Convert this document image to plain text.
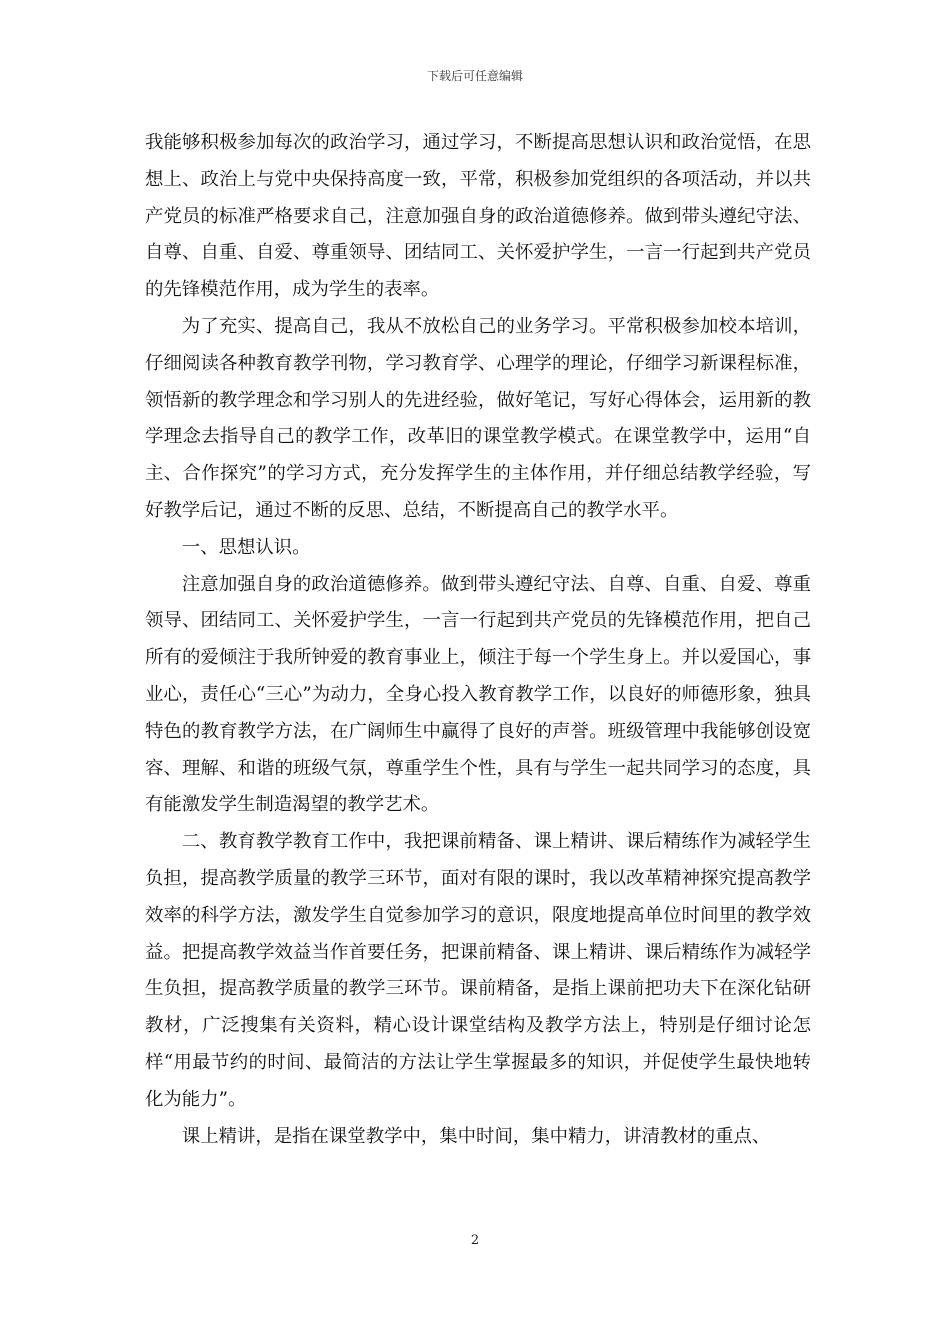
下载后可任意编辑

我能够积极参加每次的政治学习，通过学习，不断提高思想认识和政治觉悟，在思想上、政治上与党中央保持高度一致，平常，积极参加党组织的各项活动，并以共产党员的标准严格要求自己，注意加强自身的政治道德修养。做到带头遵纪守法、自尊、自重、自爱、尊重领导、团结同工、关怀爱护学生，一言一行起到共产党员的先锋模范作用，成为学生的表率。

为了充实、提高自己，我从不放松自己的业务学习。平常积极参加校本培训，仔细阅读各种教育教学刊物，学习教育学、心理学的理论，仔细学习新课程标准，领悟新的教学理念和学习别人的先进经验，做好笔记，写好心得体会，运用新的教学理念去指导自己的教学工作，改革旧的课堂教学模式。在课堂教学中，运用“自主、合作探究”的学习方式，充分发挥学生的主体作用，并仔细总结教学经验，写好教学后记，通过不断的反思、总结，不断提高自己的教学水平。

一、思想认识。

注意加强自身的政治道德修养。做到带头遵纪守法、自尊、自重、自爱、尊重领导、团结同工、关怀爱护学生，一言一行起到共产党员的先锋模范作用，把自己所有的爱倾注于我所钟爱的教育事业上，倾注于每一个学生身上。并以爱国心，事业心，责任心“三心”为动力，全身心投入教育教学工作，以良好的师德形象，独具特色的教育教学方法，在广阔师生中赢得了良好的声誉。班级管理中我能够创设宽容、理解、和谐的班级气氛，尊重学生个性，具有与学生一起共同学习的态度，具有能激发学生制造渴望的教学艺术。

二、教育教学教育工作中，我把课前精备、课上精讲、课后精练作为减轻学生负担，提高教学质量的教学三环节，面对有限的课时，我以改革精神探究提高教学效率的科学方法，激发学生自觉参加学习的意识，限度地提高单位时间里的教学效益。把提高教学效益当作首要任务，把课前精备、课上精讲、课后精练作为减轻学生负担，提高教学质量的教学三环节。课前精备，是指上课前把功夫下在深化钻研教材，广泛搜集有关资料，精心设计课堂结构及教学方法上，特别是仔细讨论怎样“用最节约的时间、最简洁的方法让学生掌握最多的知识，并促使学生最快地转化为能力”。

课上精讲，是指在课堂教学中，集中时间，集中精力，讲清教材的重点、

2
